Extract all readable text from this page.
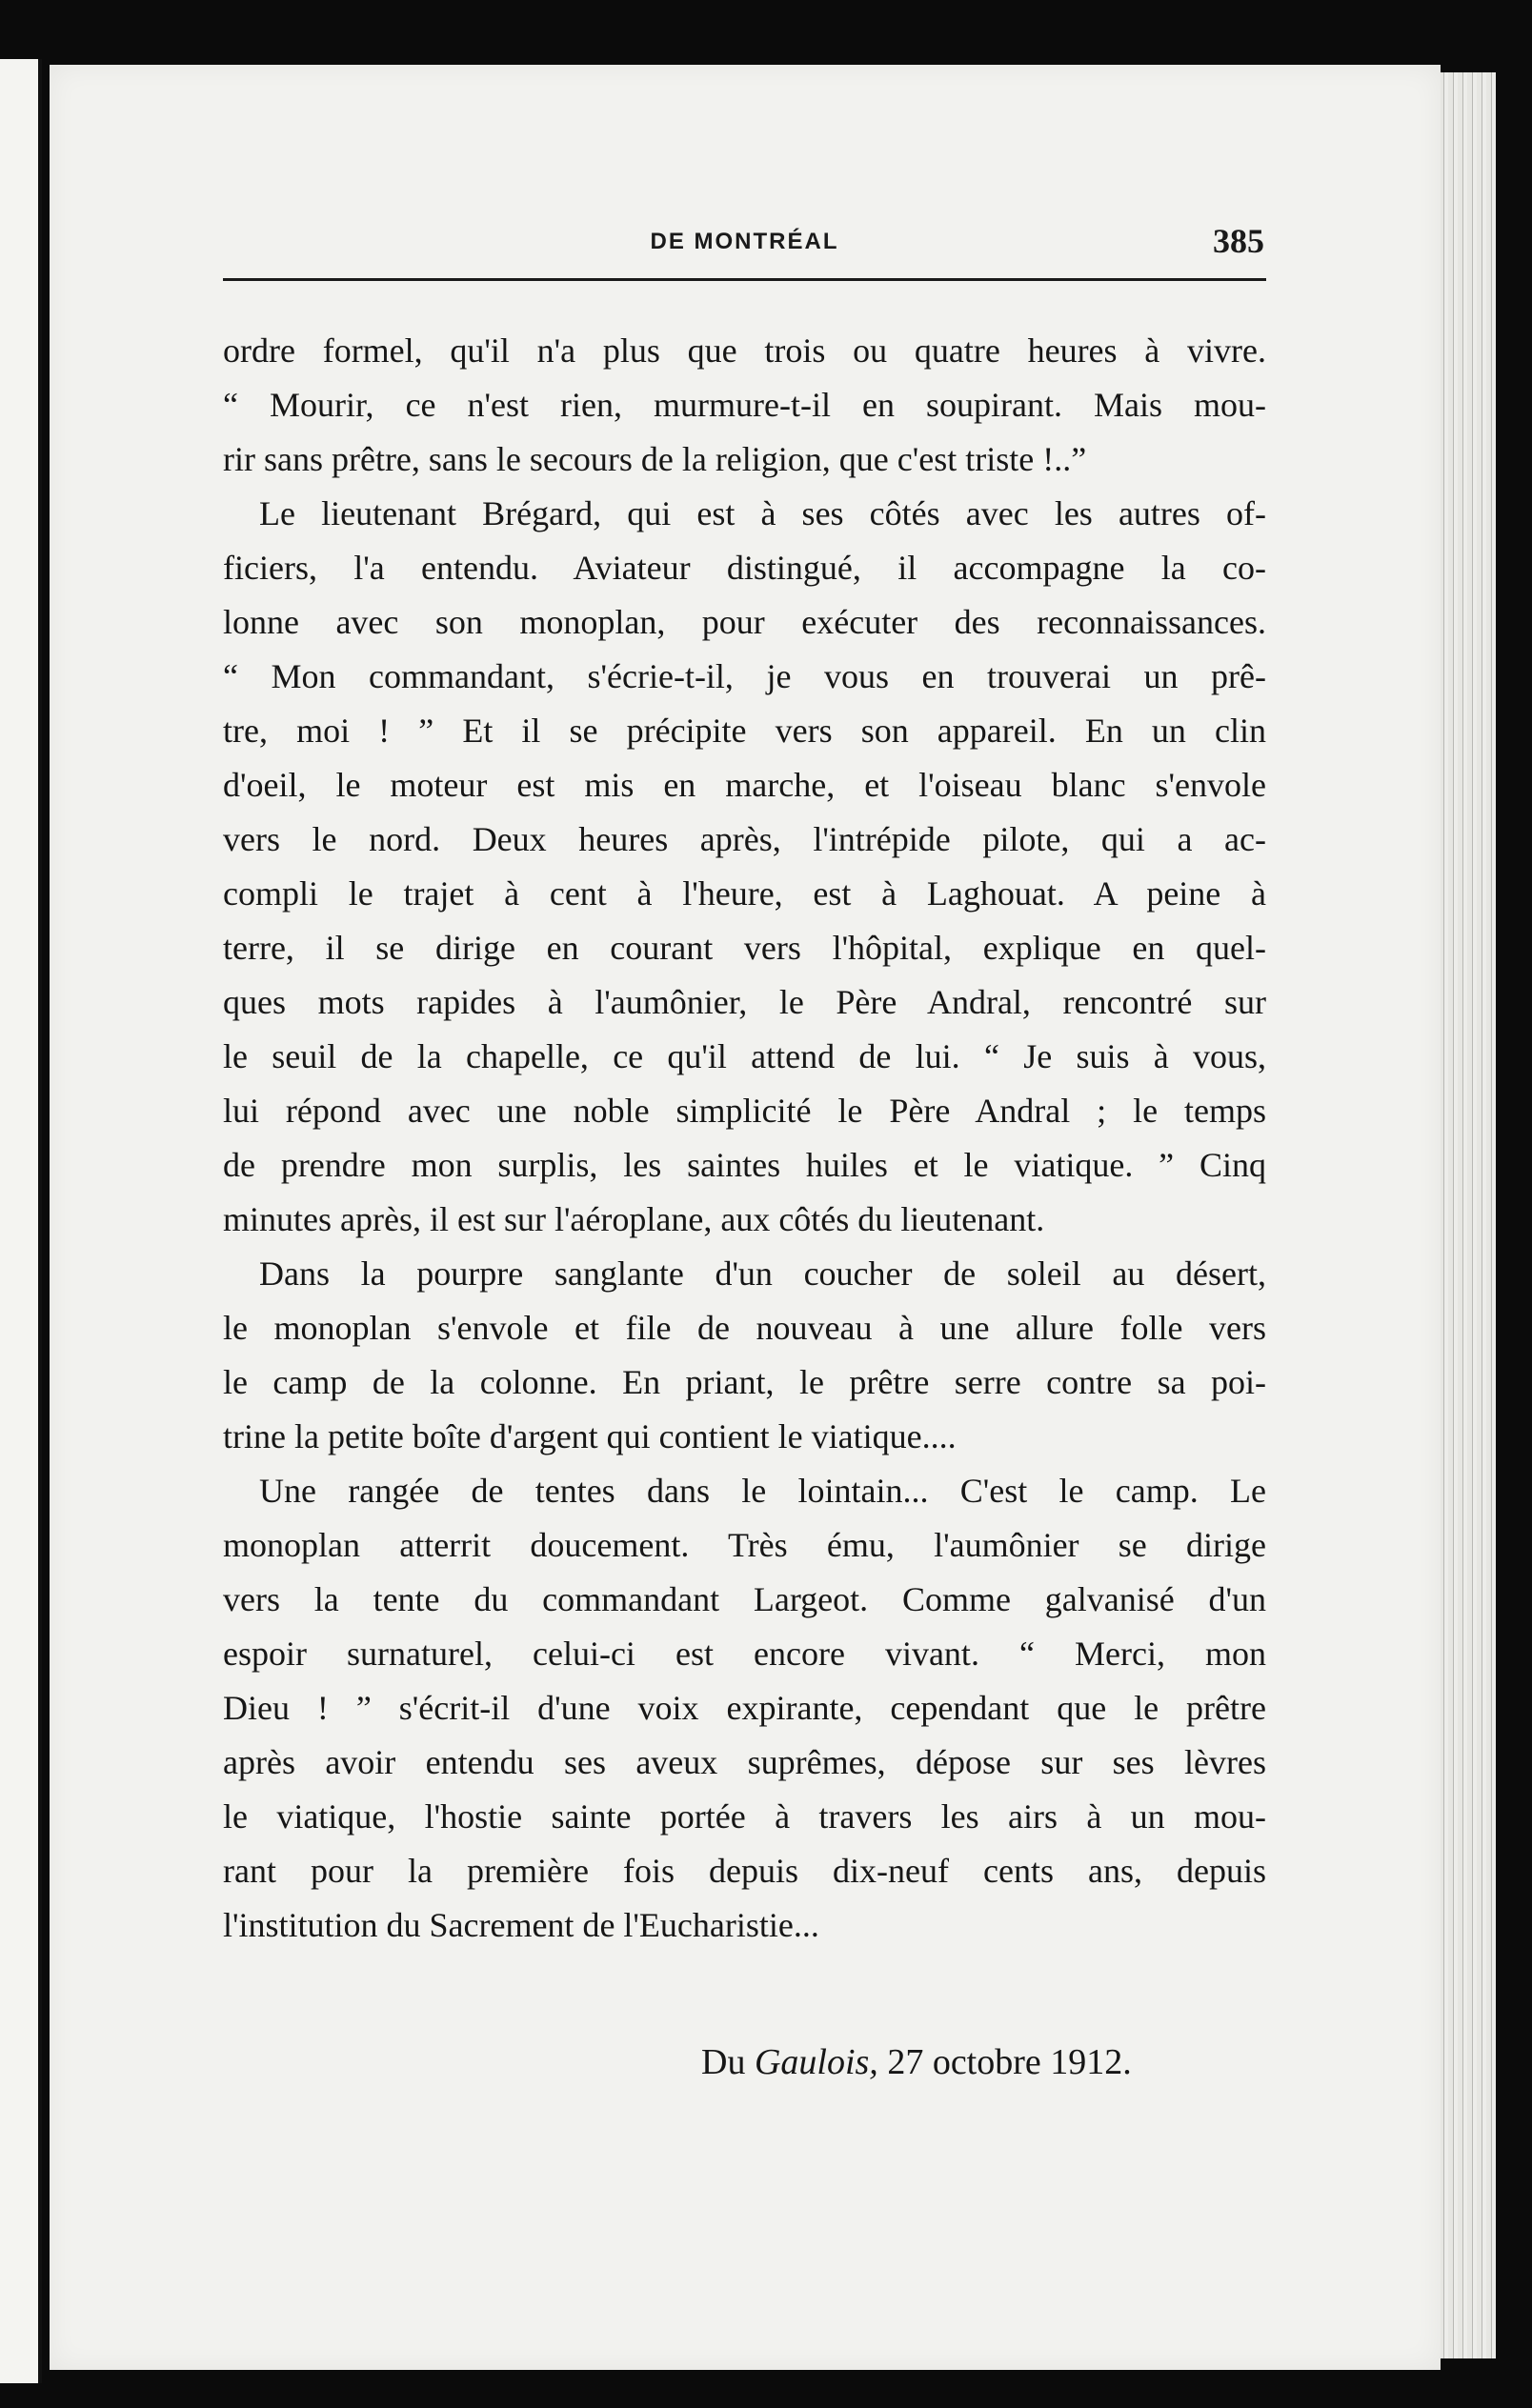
DE MONTRÉAL	385
ordre formel, qu'il n'a plus que trois ou quatre heures à vivre.
“ Mourir, ce n'est rien, murmure-t-il en soupirant. Mais mou-
rir sans prêtre, sans le secours de la religion, que c'est triste !..”
Le lieutenant Brégard, qui est à ses côtés avec les autres of-
ficiers, l'a entendu. Aviateur distingué, il accompagne la co-
lonne avec son monoplan, pour exécuter des reconnaissances.
“ Mon commandant, s'écrie-t-il, je vous en trouverai un prê-
tre, moi ! ” Et il se précipite vers son appareil. En un clin
d'oeil, le moteur est mis en marche, et l'oiseau blanc s'envole
vers le nord. Deux heures après, l'intrépide pilote, qui a ac-
compli le trajet à cent à l'heure, est à Laghouat. A peine à
terre, il se dirige en courant vers l'hôpital, explique en quel-
ques mots rapides à l'aumônier, le Père Andral, rencontré sur
le seuil de la chapelle, ce qu'il attend de lui. “ Je suis à vous,
lui répond avec une noble simplicité le Père Andral ; le temps
de prendre mon surplis, les saintes huiles et le viatique. ” Cinq
minutes après, il est sur l'aéroplane, aux côtés du lieutenant.
Dans la pourpre sanglante d'un coucher de soleil au désert,
le monoplan s'envole et file de nouveau à une allure folle vers
le camp de la colonne. En priant, le prêtre serre contre sa poi-
trine la petite boîte d'argent qui contient le viatique....
Une rangée de tentes dans le lointain... C'est le camp. Le
monoplan atterrit doucement. Très ému, l'aumônier se dirige
vers la tente du commandant Largeot. Comme galvanisé d'un
espoir surnaturel, celui-ci est encore vivant. “ Merci, mon
Dieu ! ” s'écrit-il d'une voix expirante, cependant que le prêtre
après avoir entendu ses aveux suprêmes, dépose sur ses lèvres
le viatique, l'hostie sainte portée à travers les airs à un mou-
rant pour la première fois depuis dix-neuf cents ans, depuis
l'institution du Sacrement de l'Eucharistie...
Du Gaulois, 27 octobre 1912.
